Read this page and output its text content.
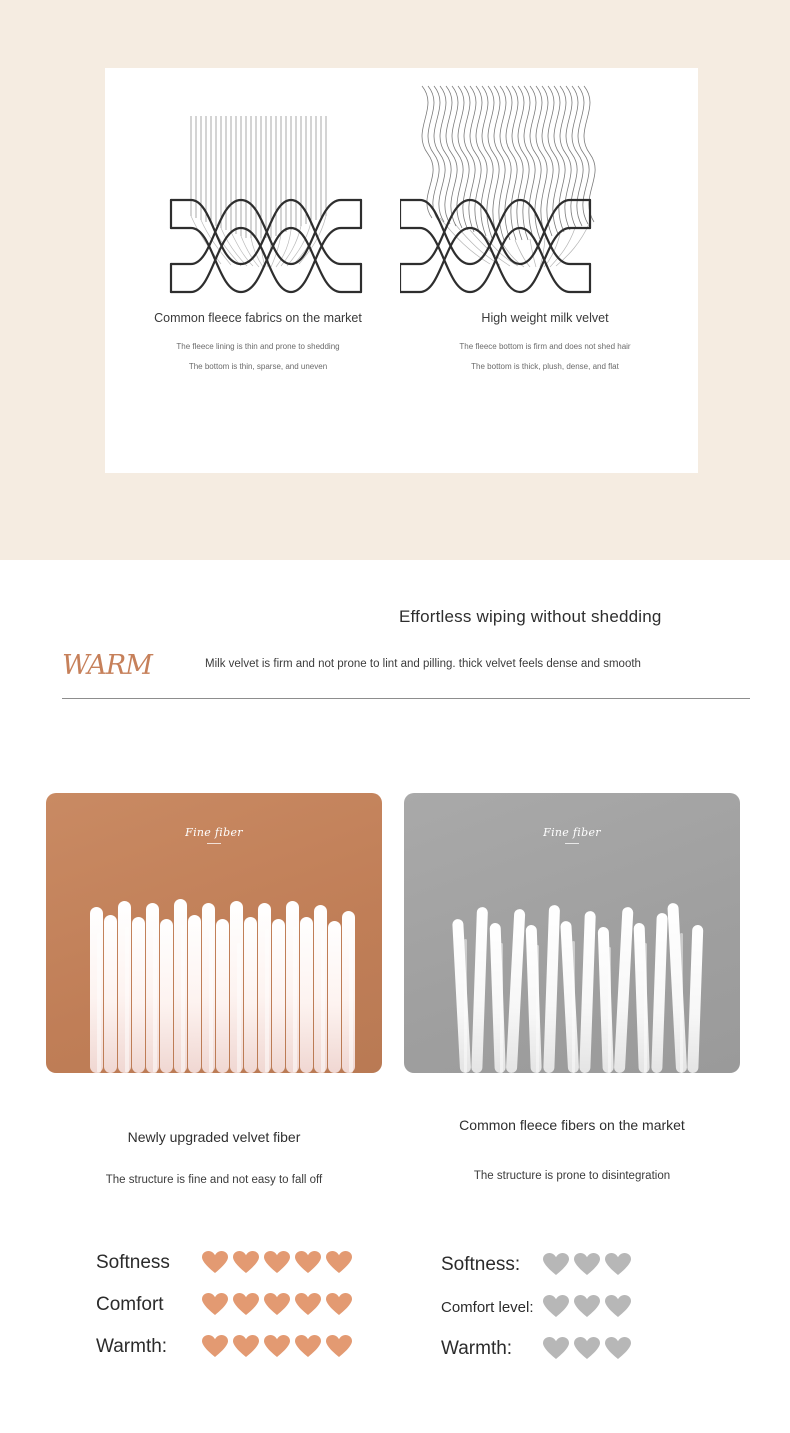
Common fleece fabrics on the market
The fleece lining is thin and prone to shedding
The bottom is thin, sparse, and uneven
High weight milk velvet
The fleece bottom is firm and does not shed hair
The bottom is thick, plush, dense, and flat
Effortless wiping without shedding
WARM	Milk velvet is firm and not prone to lint and pilling. thick velvet feels dense and smooth
Fine fiber	Fine fiber
Newly upgraded velvet fiber
The structure is fine and not easy to fall off
Common fleece fibers on the market
The structure is prone to disintegration
Softness
Comfort
Warmth:
Softness:
Comfort level:
Warmth:
